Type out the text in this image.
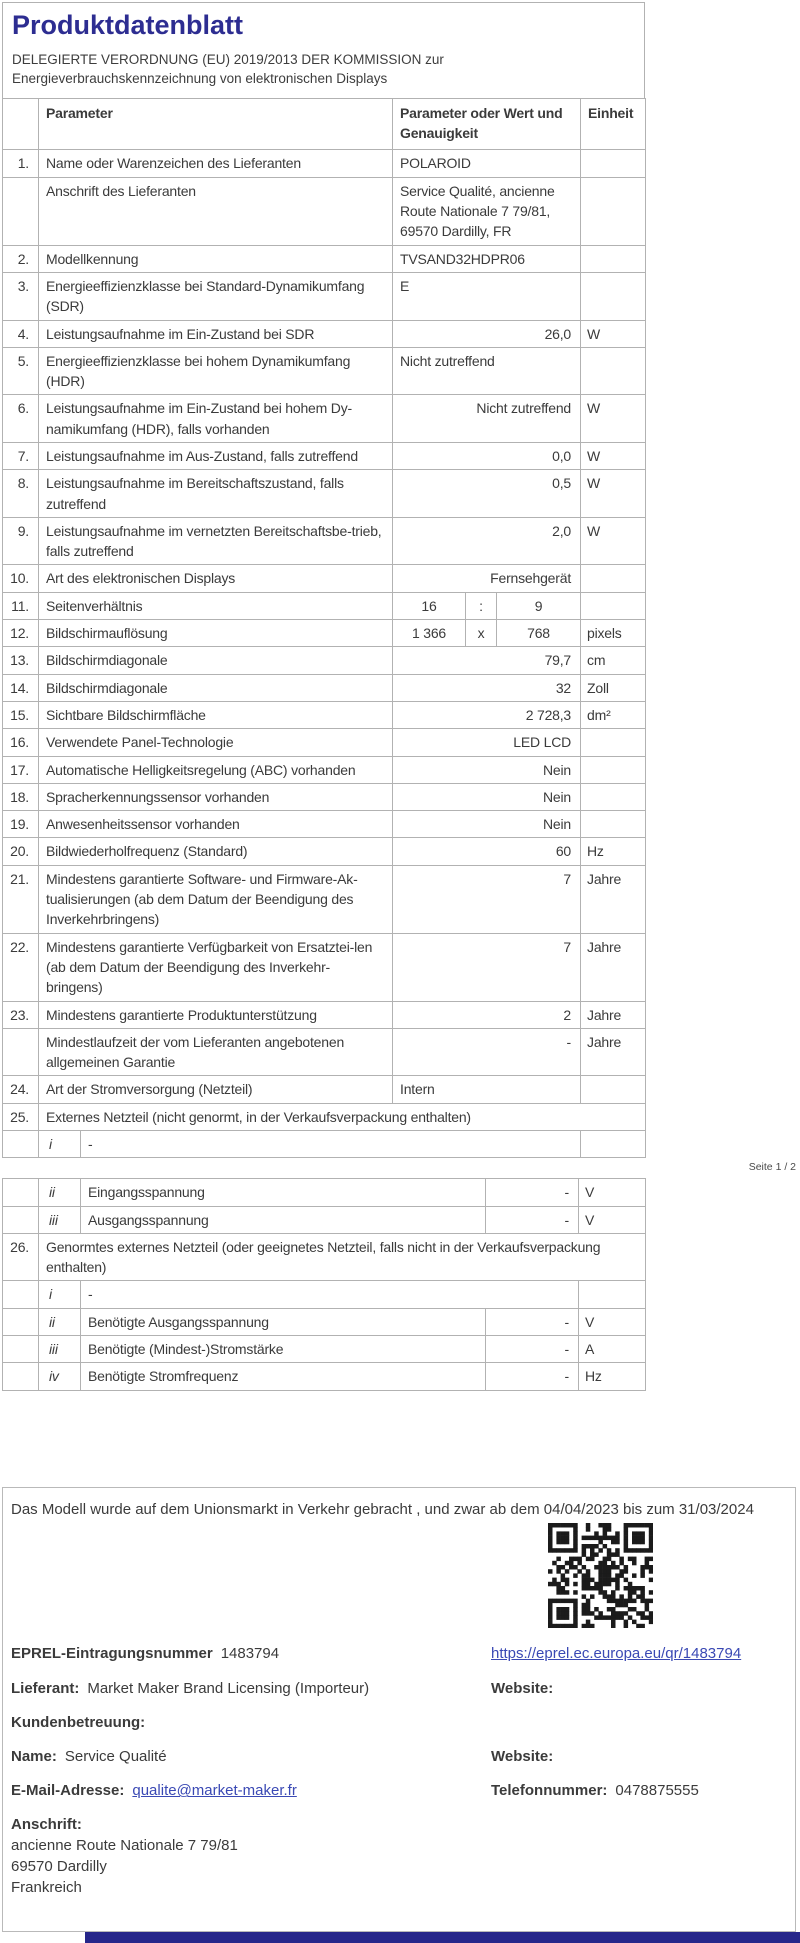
Produktdatenblatt

DELEGIERTE VERORDNUNG (EU) 2019/2013 DER KOMMISSION zur Energieverbrauchskennzeichnung von elektronischen Displays

	Parameter		Parameter oder Wert und Genauigkeit			Einheit
1.	Name oder Warenzeichen des Lieferanten		POLAROID			
	Anschrift des Lieferanten		Service Qualité, ancienne Route Nationale 7 79/81, 69570 Dardilly, FR			
2.	Modellkennung		TVSAND32HDPR06			
3.	Energieeffizienzklasse bei Standard-Dynamikumfang (SDR)		E			
4.	Leistungsaufnahme im Ein-Zustand bei SDR		26,0			W
5.	Energieeffizienzklasse bei hohem Dynamikumfang (HDR)		Nicht zutreffend			
6.	Leistungsaufnahme im Ein-Zustand bei hohem Dy-namikumfang (HDR), falls vorhanden		Nicht zutreffend			W
7.	Leistungsaufnahme im Aus-Zustand, falls zutreffend		0,0			W
8.	Leistungsaufnahme im Bereitschaftszustand, falls zutreffend		0,5			W
9.	Leistungsaufnahme im vernetzten Bereitschaftsbe-trieb, falls zutreffend		2,0			W
10.	Art des elektronischen Displays		Fernsehgerät			
11.	Seitenverhältnis		16	:	9	
12.	Bildschirmauflösung		1 366	x	768	pixels
13.	Bildschirmdiagonale		79,7			cm
14.	Bildschirmdiagonale		32			Zoll
15.	Sichtbare Bildschirmfläche		2 728,3			dm²
16.	Verwendete Panel-Technologie		LED LCD			
17.	Automatische Helligkeitsregelung (ABC) vorhanden		Nein			
18.	Spracherkennungssensor vorhanden		Nein			
19.	Anwesenheitssensor vorhanden		Nein			
20.	Bildwiederholfrequenz (Standard)		60			Hz
21.	Mindestens garantierte Software- und Firmware-Ak-tualisierungen (ab dem Datum der Beendigung des Inverkehrbringens)		7			Jahre
22.	Mindestens garantierte Verfügbarkeit von Ersatztei-len (ab dem Datum der Beendigung des Inverkehr-bringens)		7			Jahre
23.	Mindestens garantierte Produktunterstützung		2			Jahre
	Mindestlaufzeit der vom Lieferanten angebotenen allgemeinen Garantie		-			Jahre
24.	Art der Stromversorgung (Netzteil)		Intern			
25.	Externes Netzteil (nicht genormt, in der Verkaufsverpackung enthalten)					
	i	-				
Seite 1 / 2
	ii	Eingangsspannung	-	V
	iii	Ausgangsspannung	-	V
26.	Genormtes externes Netzteil (oder geeignetes Netzteil, falls nicht in der Verkaufsverpackung enthalten)			
	i	-		
	ii	Benötigte Ausgangsspannung	-	V
	iii	Benötigte (Mindest-)Stromstärke	-	A
	iv	Benötigte Stromfrequenz	-	Hz

Das Modell wurde auf dem Unionsmarkt in Verkehr gebracht , und zwar ab dem 04/04/2023 bis zum 31/03/2024

EPREL-Eintragungsnummer 1483794	https://eprel.ec.europa.eu/qr/1483794
Lieferant: Market Maker Brand Licensing (Importeur)	Website:
Kundenbetreuung:
Name: Service Qualité	Website:
E-Mail-Adresse: qualite@market-maker.fr	Telefonnummer: 0478875555
Anschrift:
ancienne Route Nationale 7 79/81
69570 Dardilly
Frankreich
